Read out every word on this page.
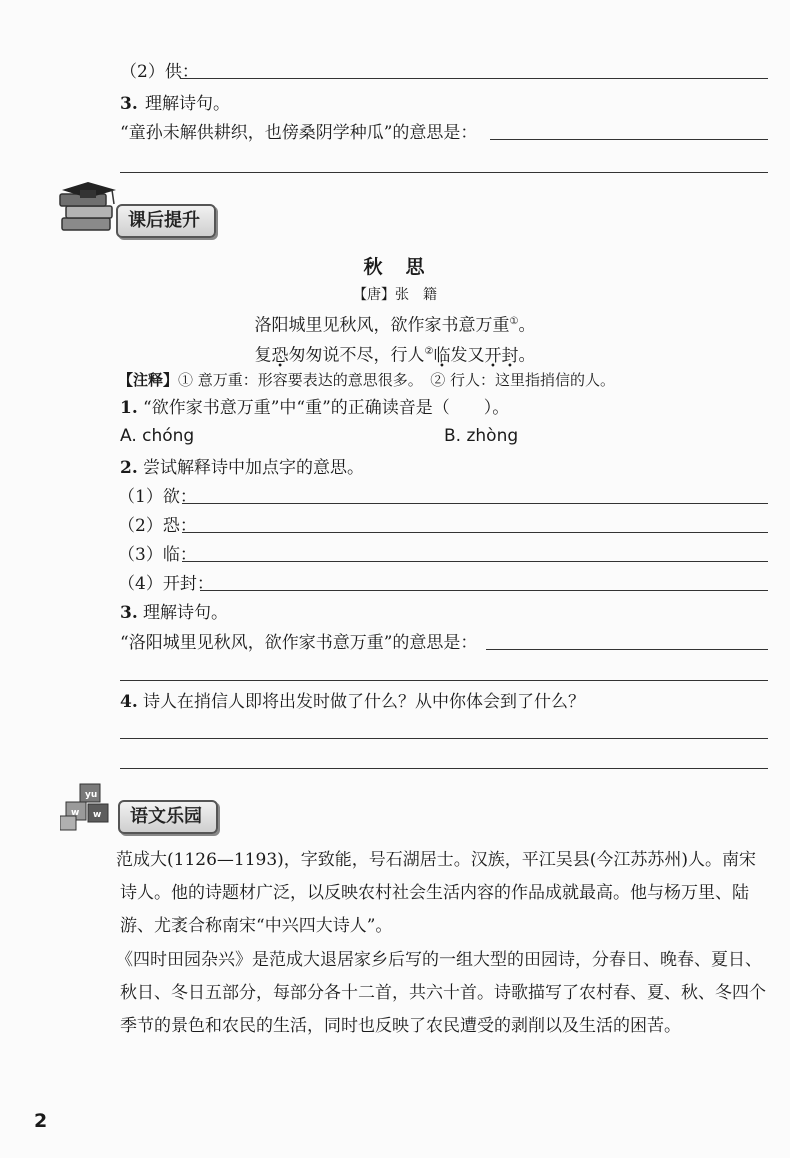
（2）供：
3. 理解诗句。
“童孙未解供耕织，也傍桑阴学种瓜”的意思是：
课后提升
秋　思
【唐】张　籍
洛阳城里见秋风，欲作家书意万重①。
复恐匆匆说不尽，行人②临发又开封。
【注释】① 意万重：形容要表达的意思很多。　② 行人：这里指捎信的人。
1. “欲作家书意万重”中“重”的正确读音是（　　）。
A. chóng	B. zhòng
2. 尝试解释诗中加点字的意思。
（1）欲：
（2）恐：
（3）临：
（4）开封：
3. 理解诗句。
“洛阳城里见秋风，欲作家书意万重”的意思是：
4. 诗人在捎信人即将出发时做了什么？从中你体会到了什么？
yu
w w	语文乐园
范成大(1126—1193)，字致能，号石湖居士。汉族，平江吴县(今江苏苏州)人。南宋诗人。他的诗题材广泛，以反映农村社会生活内容的作品成就最高。他与杨万里、陆游、尤袤合称南宋“中兴四大诗人”。
《四时田园杂兴》是范成大退居家乡后写的一组大型的田园诗，分春日、晚春、夏日、秋日、冬日五部分，每部分各十二首，共六十首。诗歌描写了农村春、夏、秋、冬四个季节的景色和农民的生活，同时也反映了农民遭受的剥削以及生活的困苦。
2
